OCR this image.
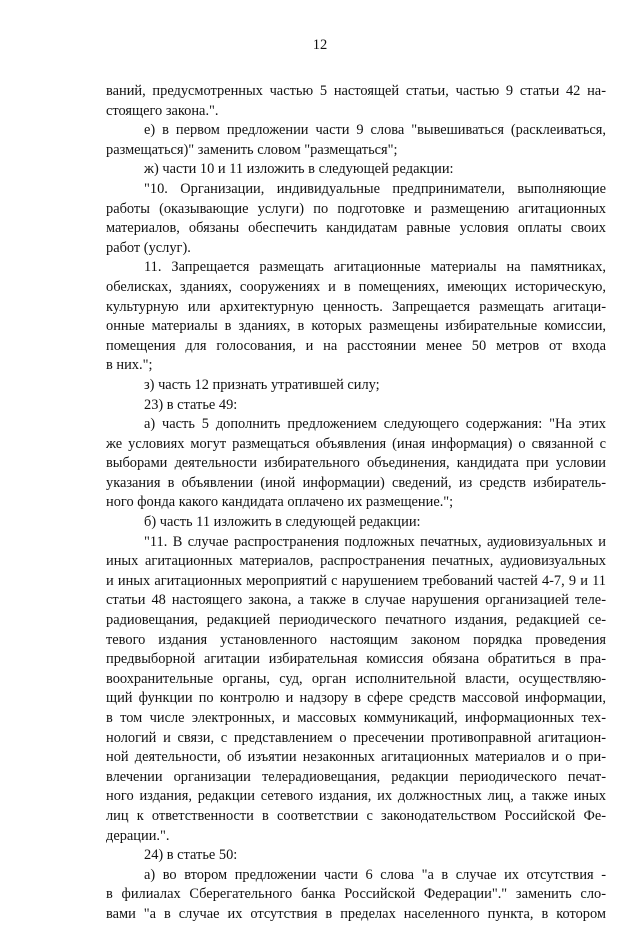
12
ваний, предусмотренных частью 5 настоящей статьи, частью 9 статьи 42 на-
стоящего закона.".
е) в первом предложении части 9 слова "вывешиваться (расклеиваться,
размещаться)" заменить словом "размещаться";
ж) части 10 и 11 изложить в следующей редакции:
"10. Организации, индивидуальные предприниматели, выполняющие
работы (оказывающие услуги) по подготовке и размещению агитационных
материалов, обязаны обеспечить кандидатам равные условия оплаты своих
работ (услуг).
11. Запрещается размещать агитационные материалы на памятниках,
обелисках, зданиях, сооружениях и в помещениях, имеющих историческую,
культурную или архитектурную ценность. Запрещается размещать агитаци-
онные материалы в зданиях, в которых размещены избирательные комиссии,
помещения для голосования, и на расстоянии менее 50 метров от входа
в них.";
з) часть 12 признать утратившей силу;
23) в статье 49:
а) часть 5 дополнить предложением следующего содержания: "На этих
же условиях могут размещаться объявления (иная информация) о связанной с
выборами деятельности избирательного объединения, кандидата при условии
указания в объявлении (иной информации) сведений, из средств избиратель-
ного фонда какого кандидата оплачено их размещение.";
б) часть 11 изложить в следующей редакции:
"11. В случае распространения подложных печатных, аудиовизуальных и
иных агитационных материалов, распространения печатных, аудиовизуальных
и иных агитационных мероприятий с нарушением требований частей 4-7, 9 и 11
статьи 48 настоящего закона, а также в случае нарушения организацией теле-
радиовещания, редакцией периодического печатного издания, редакцией се-
тевого издания установленного настоящим законом порядка проведения
предвыборной агитации избирательная комиссия обязана обратиться в пра-
воохранительные органы, суд, орган исполнительной власти, осуществляю-
щий функции по контролю и надзору в сфере средств массовой информации,
в том числе электронных, и массовых коммуникаций, информационных тех-
нологий и связи, с представлением о пресечении противоправной агитацион-
ной деятельности, об изъятии незаконных агитационных материалов и о при-
влечении организации телерадиовещания, редакции периодического печат-
ного издания, редакции сетевого издания, их должностных лиц, а также иных
лиц к ответственности в соответствии с законодательством Российской Фе-
дерации.".
24) в статье 50:
а) во втором предложении части 6 слова "а в случае их отсутствия -
в филиалах Сберегательного банка Российской Федерации"." заменить сло-
вами "а в случае их отсутствия в пределах населенного пункта, в котором
